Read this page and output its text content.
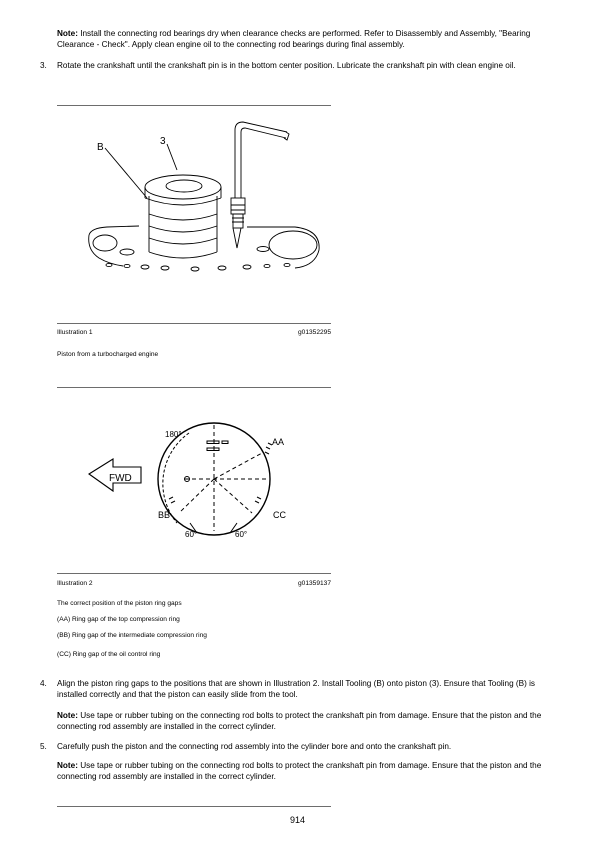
Note: Install the connecting rod bearings dry when clearance checks are performed. Refer to Disassembly and Assembly, "Bearing Clearance - Check". Apply clean engine oil to the connecting rod bearings during final assembly.
3. Rotate the crankshaft until the crankshaft pin is in the bottom center position. Lubricate the crankshaft pin with clean engine oil.
B
3
Illustration 1	g01352295
Piston from a turbocharged engine
FWD
180°
AA
BB	CC
60°	60°
Illustration 2	g01359137
The correct position of the piston ring gaps
(AA) Ring gap of the top compression ring
(BB) Ring gap of the intermediate compression ring
(CC) Ring gap of the oil control ring
4. Align the piston ring gaps to the positions that are shown in Illustration 2. Install Tooling (B) onto piston (3). Ensure that Tooling (B) is installed correctly and that the piston can easily slide from the tool.
Note: Use tape or rubber tubing on the connecting rod bolts to protect the crankshaft pin from damage. Ensure that the piston and the connecting rod assembly are installed in the correct cylinder.
5. Carefully push the piston and the connecting rod assembly into the cylinder bore and onto the crankshaft pin.
Note: Use tape or rubber tubing on the connecting rod bolts to protect the crankshaft pin from damage. Ensure that the piston and the connecting rod assembly are installed in the correct cylinder.
914
